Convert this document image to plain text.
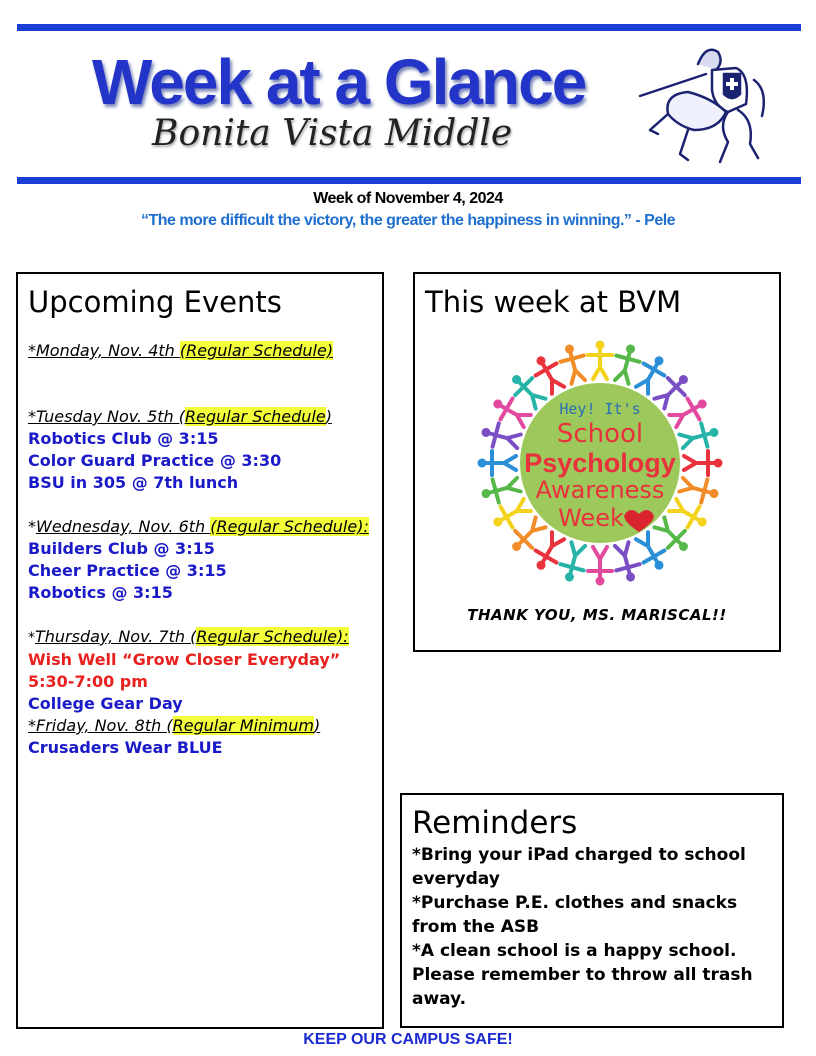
Week at a Glance
Bonita Vista Middle
Week of November 4, 2024
“The more difficult the victory, the greater the happiness in winning.” - Pele

Upcoming Events

*Monday, Nov. 4th (Regular Schedule)

*Tuesday Nov. 5th (Regular Schedule)

Robotics Club @ 3:15

Color Guard Practice @ 3:30

BSU in 305 @ 7th lunch

*Wednesday, Nov. 6th (Regular Schedule):

Builders Club @ 3:15

Cheer Practice @ 3:15

Robotics @ 3:15

*Thursday, Nov. 7th (Regular Schedule):

Wish Well “Grow Closer Everyday”

5:30-7:00 pm

College Gear Day

*Friday, Nov. 8th (Regular Minimum)

Crusaders Wear BLUE

This week at BVM

Hey! It's
School
Psychology
Awareness
Week
THANK YOU, MS. MARISCAL!!

Reminders

*Bring your iPad charged to school everyday

*Purchase P.E. clothes and snacks from the ASB

*A clean school is a happy school. Please remember to throw all trash away.

KEEP OUR CAMPUS SAFE!
